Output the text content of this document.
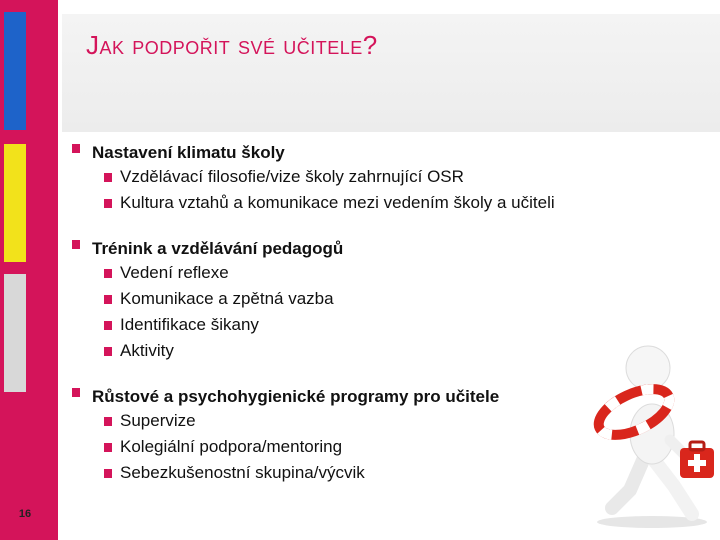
16
Jak podpořit své učitele?
Nastavení klimatu školy
Vzdělávací filosofie/vize školy zahrnující OSR
Kultura vztahů a komunikace mezi vedením školy a učiteli
Trénink a vzdělávání pedagogů
Vedení reflexe
Komunikace a zpětná vazba
Identifikace šikany
Aktivity
Růstové a psychohygienické programy pro učitele
Supervize
Kolegiální podpora/mentoring
Sebezkušenostní skupina/výcvik
